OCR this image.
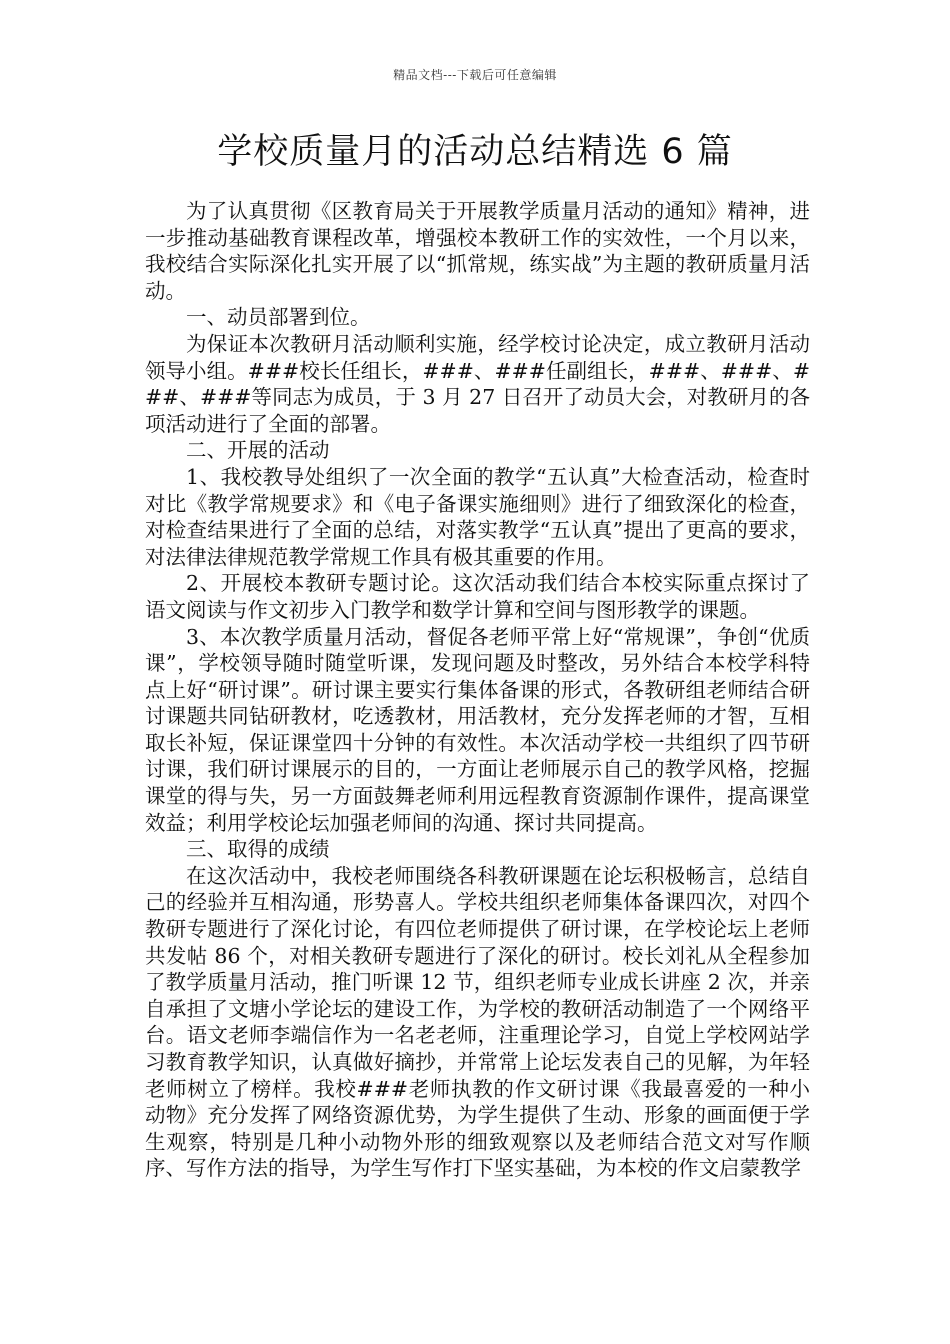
精品文档---下载后可任意编辑
学校质量月的活动总结精选 6 篇

为了认真贯彻《区教育局关于开展教学质量月活动的通知》精神，进一步推动基础教育课程改革，增强校本教研工作的实效性，一个月以来，我校结合实际深化扎实开展了以“抓常规，练实战”为主题的教研质量月活动。

一、动员部署到位。

为保证本次教研月活动顺利实施，经学校讨论决定，成立教研月活动领导小组。###校长任组长，###、###任副组长，###、###、###、###等同志为成员，于 3 月 27 日召开了动员大会，对教研月的各项活动进行了全面的部署。

二、开展的活动

1、我校教导处组织了一次全面的教学“五认真”大检查活动，检查时对比《教学常规要求》和《电子备课实施细则》进行了细致深化的检查，对检查结果进行了全面的总结，对落实教学“五认真”提出了更高的要求，对法律法律规范教学常规工作具有极其重要的作用。

2、开展校本教研专题讨论。这次活动我们结合本校实际重点探讨了语文阅读与作文初步入门教学和数学计算和空间与图形教学的课题。

3、本次教学质量月活动，督促各老师平常上好“常规课”，争创“优质课”，学校领导随时随堂听课，发现问题及时整改，另外结合本校学科特点上好“研讨课”。研讨课主要实行集体备课的形式，各教研组老师结合研讨课题共同钻研教材，吃透教材，用活教材，充分发挥老师的才智，互相取长补短，保证课堂四十分钟的有效性。本次活动学校一共组织了四节研讨课，我们研讨课展示的目的，一方面让老师展示自己的教学风格，挖掘课堂的得与失，另一方面鼓舞老师利用远程教育资源制作课件，提高课堂效益；利用学校论坛加强老师间的沟通、探讨共同提高。

三、取得的成绩

在这次活动中，我校老师围绕各科教研课题在论坛积极畅言，总结自己的经验并互相沟通，形势喜人。学校共组织老师集体备课四次，对四个教研专题进行了深化讨论，有四位老师提供了研讨课，在学校论坛上老师共发帖 86 个，对相关教研专题进行了深化的研讨。校长刘礼从全程参加了教学质量月活动，推门听课 12 节，组织老师专业成长讲座 2 次，并亲自承担了文塘小学论坛的建设工作，为学校的教研活动制造了一个网络平台。语文老师李端信作为一名老老师，注重理论学习，自觉上学校网站学习教育教学知识，认真做好摘抄，并常常上论坛发表自己的见解，为年轻老师树立了榜样。我校###老师执教的作文研讨课《我最喜爱的一种小动物》充分发挥了网络资源优势，为学生提供了生动、形象的画面便于学生观察，特别是几种小动物外形的细致观察以及老师结合范文对写作顺序、写作方法的指导，为学生写作打下坚实基础，为本校的作文启蒙教学
